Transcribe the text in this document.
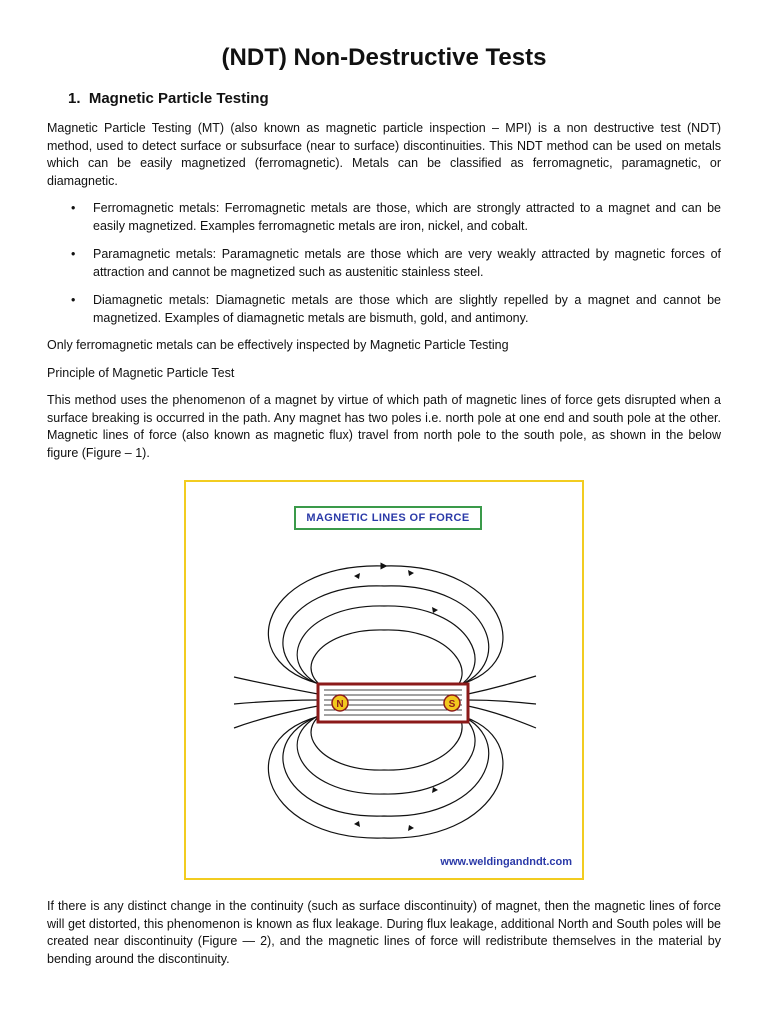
(NDT) Non-Destructive Tests
1.  Magnetic Particle Testing

Magnetic Particle Testing (MT) (also known as magnetic particle inspection – MPI) is a non destructive test (NDT) method, used to detect surface or subsurface (near to surface) discontinuities. This NDT method can be used on metals which can be easily magnetized (ferromagnetic). Metals can be classified as ferromagnetic, paramagnetic, or diamagnetic.

• Ferromagnetic metals: Ferromagnetic metals are those, which are strongly attracted to a magnet and can be easily magnetized. Examples ferromagnetic metals are iron, nickel, and cobalt.
• Paramagnetic metals: Paramagnetic metals are those which are very weakly attracted by magnetic forces of attraction and cannot be magnetized such as austenitic stainless steel.
• Diamagnetic metals: Diamagnetic metals are those which are slightly repelled by a magnet and cannot be magnetized. Examples of diamagnetic metals are bismuth, gold, and antimony.

Only ferromagnetic metals can be effectively inspected by Magnetic Particle Testing

Principle of Magnetic Particle Test

This method uses the phenomenon of a magnet by virtue of which path of magnetic lines of force gets disrupted when a surface breaking is occurred in the path. Any magnet has two poles i.e. north pole at one end and south pole at the other. Magnetic lines of force (also known as magnetic flux) travel from north pole to the south pole, as shown in the below figure (Figure – 1).

N	S
MAGNETIC LINES OF FORCE
www.weldingandndt.com

If there is any distinct change in the continuity (such as surface discontinuity) of magnet, then the magnetic lines of force will get distorted, this phenomenon is known as flux leakage. During flux leakage, additional North and South poles will be created near discontinuity (Figure — 2), and the magnetic lines of force will redistribute themselves in the material by bending around the discontinuity.
